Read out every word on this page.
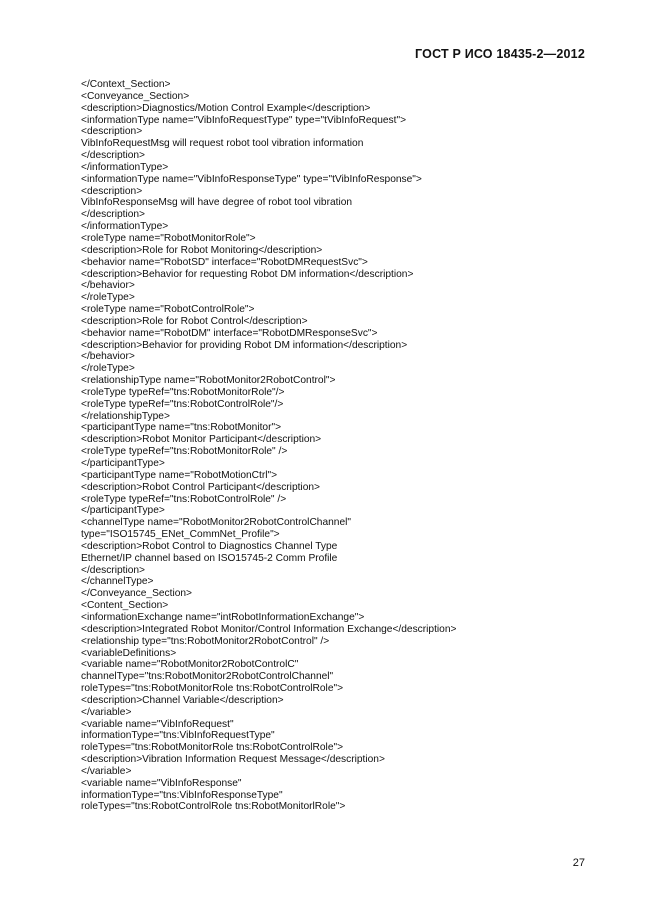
ГОСТ Р ИСО 18435-2—2012
</Context_Section>
<Conveyance_Section>
<description>Diagnostics/Motion Control Example</description>
<informationType name="VibInfoRequestType" type="tVibInfoRequest">
<description>
VibInfoRequestMsg will request robot tool vibration information
</description>
</informationType>
<informationType name="VibInfoResponseType" type="tVibInfoResponse">
<description>
VibInfoResponseMsg will have degree of robot tool vibration
</description>
</informationType>
<roleType name="RobotMonitorRole">
<description>Role for Robot Monitoring</description>
<behavior name="RobotSD" interface="RobotDMRequestSvc">
<description>Behavior for requesting Robot DM information</description>
</behavior>
</roleType>
<roleType name="RobotControlRole">
<description>Role for Robot Control</description>
<behavior name="RobotDM" interface="RobotDMResponseSvc">
<description>Behavior for providing Robot DM information</description>
</behavior>
</roleType>
<relationshipType name="RobotMonitor2RobotControl">
<roleType typeRef="tns:RobotMonitorRole"/>
<roleType typeRef="tns:RobotControlRole"/>
</relationshipType>
<participantType name="tns:RobotMonitor">
<description>Robot Monitor Participant</description>
<roleType typeRef="tns:RobotMonitorRole" />
</participantType>
<participantType name="RobotMotionCtrl">
<description>Robot Control Participant</description>
<roleType typeRef="tns:RobotControlRole" />
</participantType>
<channelType name="RobotMonitor2RobotControlChannel"
type="ISO15745_ENet_CommNet_Profile">
<description>Robot Control to Diagnostics Channel Type
Ethernet/IP channel based on ISO15745-2 Comm Profile
</description>
</channelType>
</Conveyance_Section>
<Content_Section>
<informationExchange name="intRobotInformationExchange">
<description>Integrated Robot Monitor/Control Information Exchange</description>
<relationship type="tns:RobotMonitor2RobotControl" />
<variableDefinitions>
<variable name="RobotMonitor2RobotControlC"
channelType="tns:RobotMonitor2RobotControlChannel"
roleTypes="tns:RobotMonitorRole tns:RobotControlRole">
<description>Channel Variable</description>
</variable>
<variable name="VibInfoRequest"
informationType="tns:VibInfoRequestType"
roleTypes="tns:RobotMonitorRole tns:RobotControlRole">
<description>Vibration Information Request Message</description>
</variable>
<variable name="VibInfoResponse"
informationType="tns:VibInfoResponseType"
roleTypes="tns:RobotControlRole tns:RobotMonitorlRole">
27
